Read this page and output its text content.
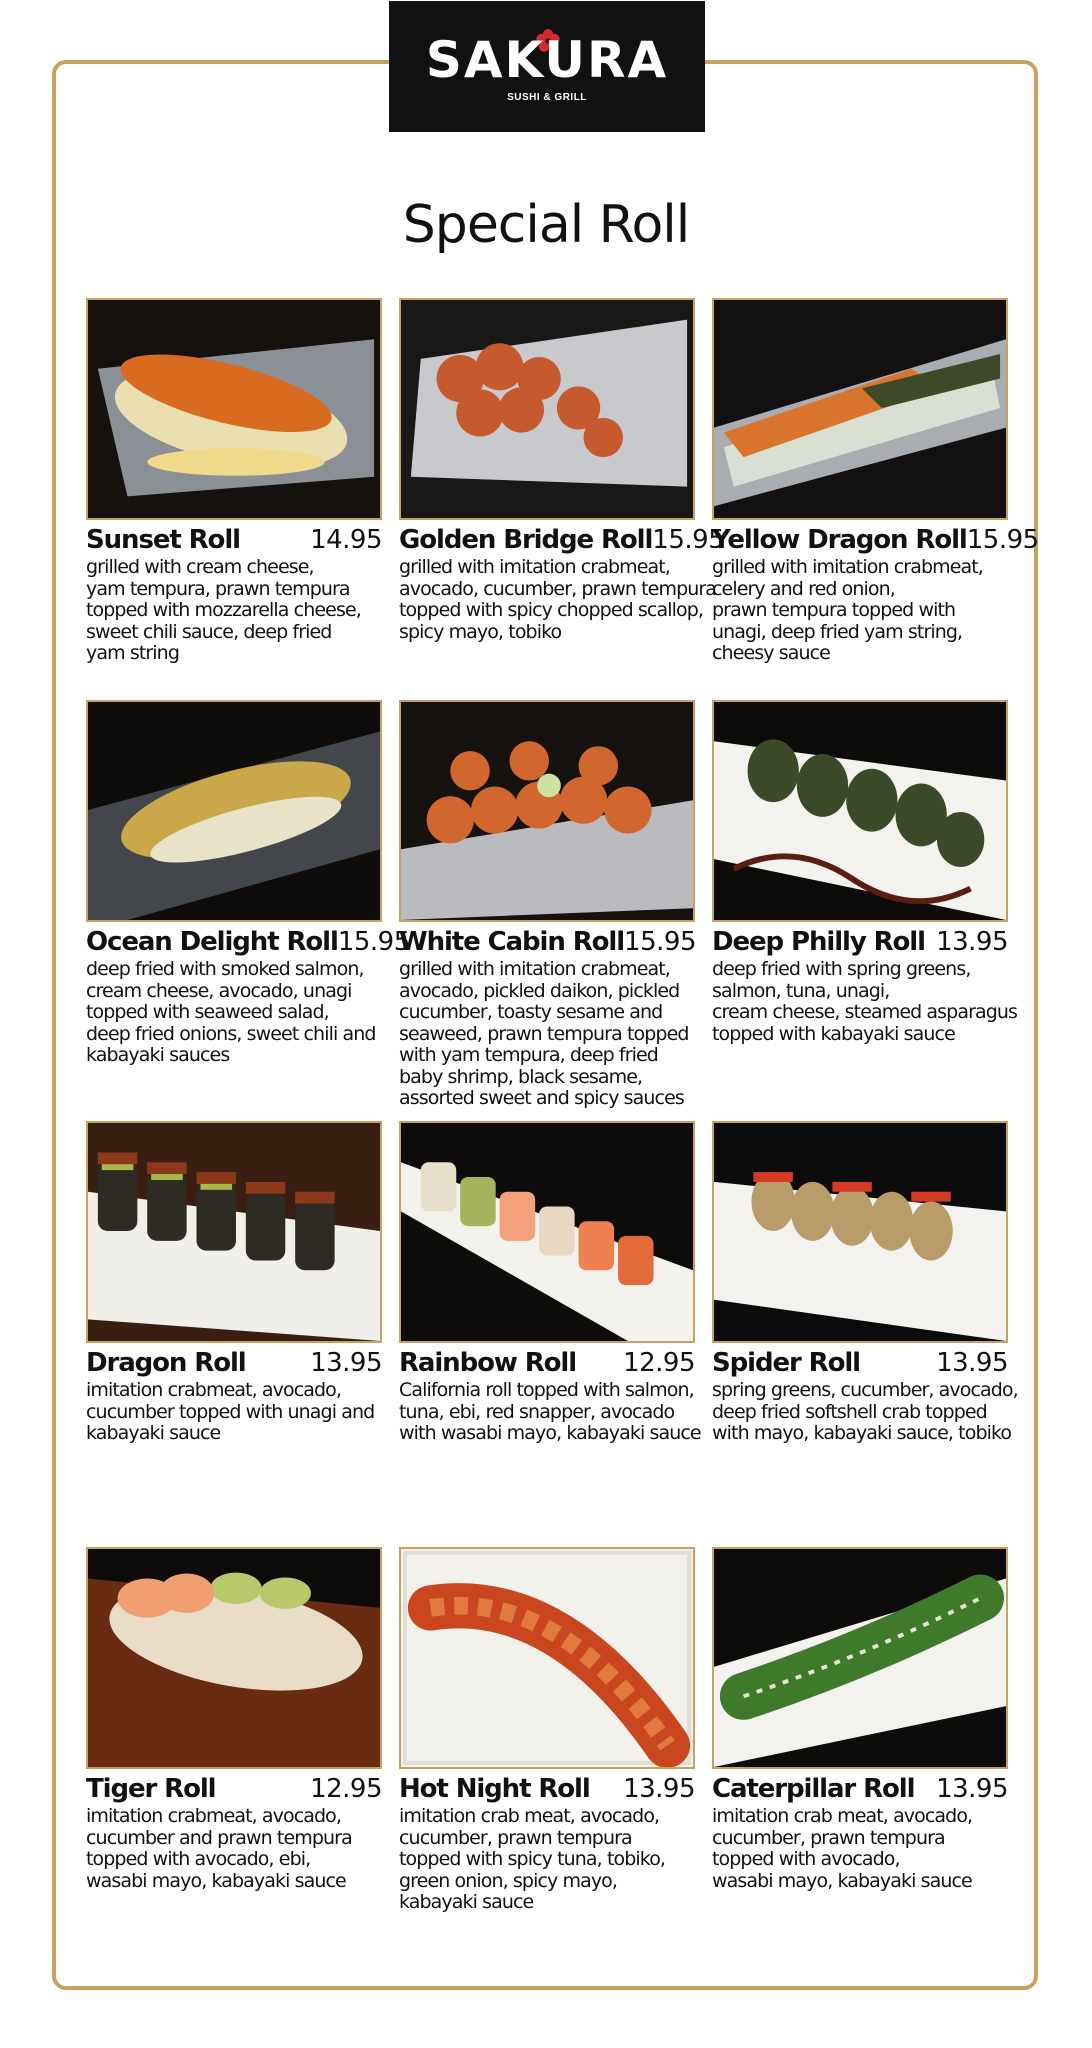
SAKURA
SUSHI & GRILL
Special Roll
Sunset Roll	14.95
grilled with cream cheese,
yam tempura, prawn tempura
topped with mozzarella cheese,
sweet chili sauce, deep fried
yam string
Golden Bridge Roll 15.95
grilled with imitation crabmeat,
avocado, cucumber, prawn tempura
topped with spicy chopped scallop,
spicy mayo, tobiko
Yellow Dragon Roll 15.95
grilled with imitation crabmeat,
celery and red onion,
prawn tempura topped with
unagi, deep fried yam string,
cheesy sauce
Ocean Delight Roll 15.95
deep fried with smoked salmon,
cream cheese, avocado, unagi
topped with seaweed salad,
deep fried onions, sweet chili and
kabayaki sauces
White Cabin Roll 15.95
grilled with imitation crabmeat,
avocado, pickled daikon, pickled
cucumber, toasty sesame and
seaweed, prawn tempura topped
with yam tempura, deep fried
baby shrimp, black sesame,
assorted sweet and spicy sauces
Deep Philly Roll 13.95
deep fried with spring greens,
salmon, tuna, unagi,
cream cheese, steamed asparagus
topped with kabayaki sauce
Dragon Roll 13.95
imitation crabmeat, avocado,
cucumber topped with unagi and
kabayaki sauce
Rainbow Roll 12.95
California roll topped with salmon,
tuna, ebi, red snapper, avocado
with wasabi mayo, kabayaki sauce
Spider Roll	13.95
spring greens, cucumber, avocado,
deep fried softshell crab topped
with mayo, kabayaki sauce, tobiko
Tiger Roll	12.95
imitation crabmeat, avocado,
cucumber and prawn tempura
topped with avocado, ebi,
wasabi mayo, kabayaki sauce
Hot Night Roll 13.95
imitation crab meat, avocado,
cucumber, prawn tempura
topped with spicy tuna, tobiko,
green onion, spicy mayo,
kabayaki sauce
Caterpillar Roll 13.95
imitation crab meat, avocado,
cucumber, prawn tempura
topped with avocado,
wasabi mayo, kabayaki sauce
